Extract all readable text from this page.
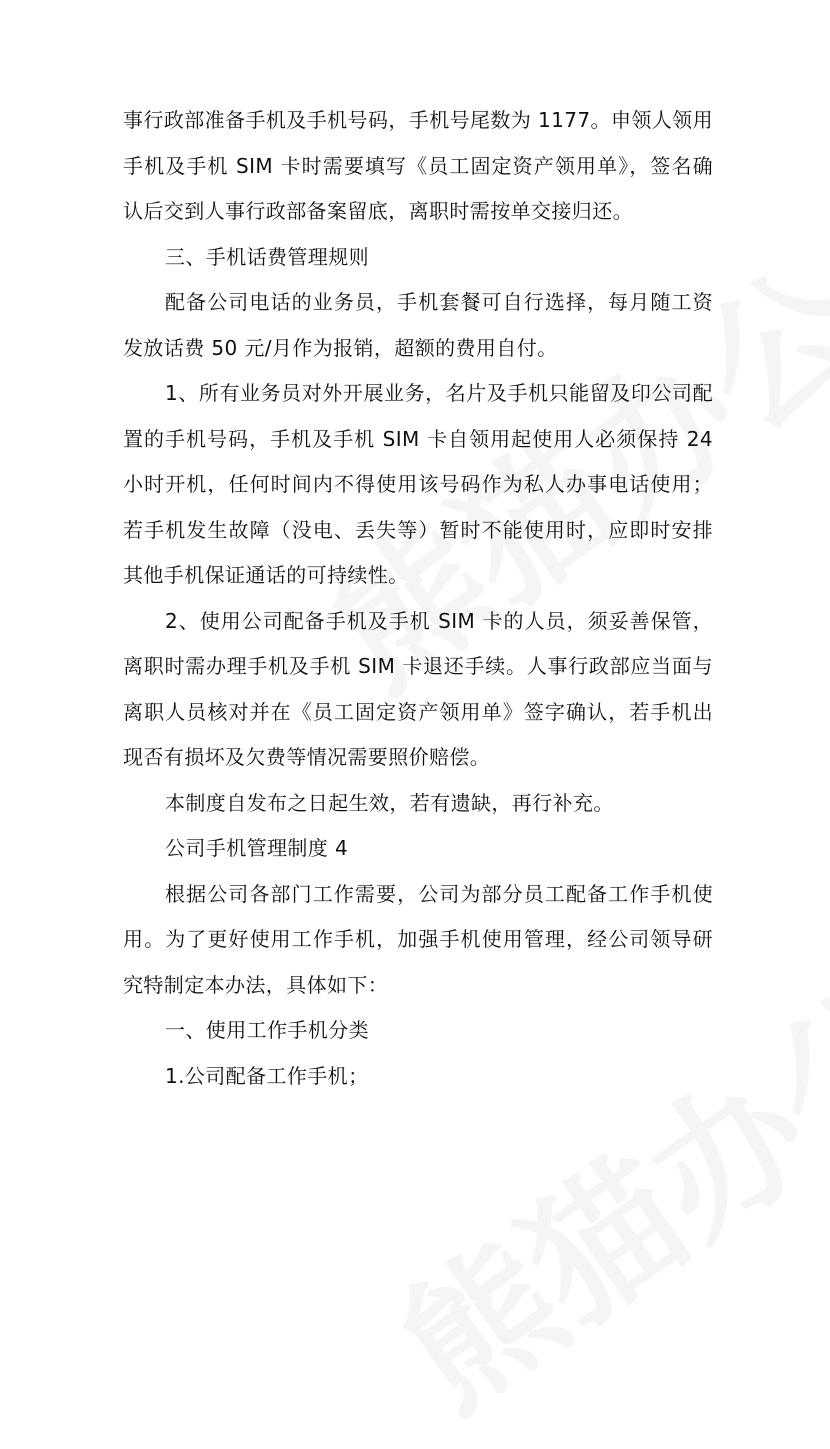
事行政部准备手机及手机号码，手机号尾数为 1177。申领人领用手机及手机 SIM 卡时需要填写《员工固定资产领用单》，签名确认后交到人事行政部备案留底，离职时需按单交接归还。

三、手机话费管理规则

配备公司电话的业务员，手机套餐可自行选择，每月随工资发放话费 50 元/月作为报销，超额的费用自付。

1、所有业务员对外开展业务，名片及手机只能留及印公司配置的手机号码，手机及手机 SIM 卡自领用起使用人必须保持 24 小时开机，任何时间内不得使用该号码作为私人办事电话使用；若手机发生故障（没电、丢失等）暂时不能使用时，应即时安排其他手机保证通话的可持续性。

2、使用公司配备手机及手机 SIM 卡的人员，须妥善保管，离职时需办理手机及手机 SIM 卡退还手续。人事行政部应当面与离职人员核对并在《员工固定资产领用单》签字确认，若手机出现否有损坏及欠费等情况需要照价赔偿。

本制度自发布之日起生效，若有遗缺，再行补充。

公司手机管理制度 4

根据公司各部门工作需要，公司为部分员工配备工作手机使用。为了更好使用工作手机，加强手机使用管理，经公司领导研究特制定本办法，具体如下：

一、使用工作手机分类

1.公司配备工作手机；
